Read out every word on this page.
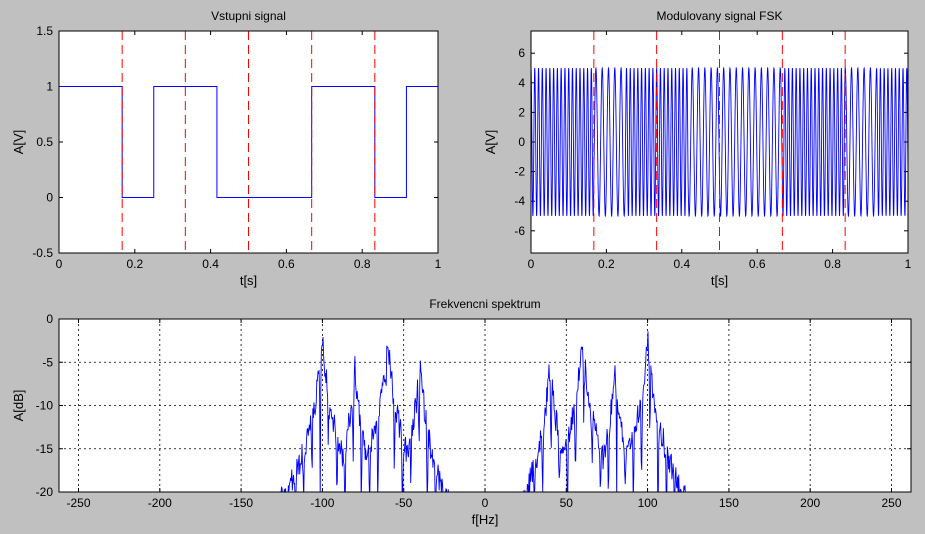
0	0.2	0.4	0.6	0.8	1
-0.5
0
0.5
1
1.5
Vstupni signal
t[s]
A[V]
0	0.2	0.4	0.6	0.8	1
-6
-4
-2
0
2
4
6
Modulovany signal FSK
t[s]
A[V]
-250	-200	-150	-100	-50	0	50	100	150	200	250
-20
-15
-10
-5
0
Frekvencni spektrum
f[Hz]
A[dB]
